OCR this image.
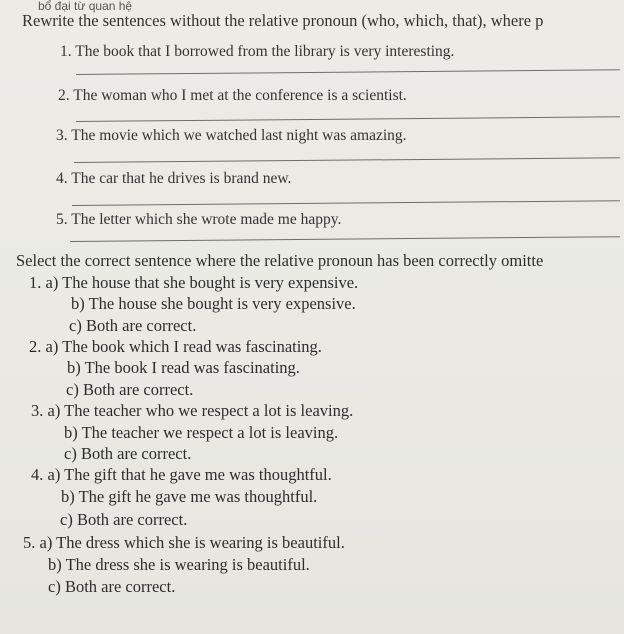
bổ đại từ quan hệ
Rewrite the sentences without the relative pronoun (who, which, that), where p
1. The book that I borrowed from the library is very interesting.
2. The woman who I met at the conference is a scientist.
3. The movie which we watched last night was amazing.
4. The car that he drives is brand new.
5. The letter which she wrote made me happy.
Select the correct sentence where the relative pronoun has been correctly omitte
1. a) The house that she bought is very expensive.
b) The house she bought is very expensive.
c) Both are correct.
2. a) The book which I read was fascinating.
b) The book I read was fascinating.
c) Both are correct.
3. a) The teacher who we respect a lot is leaving.
b) The teacher we respect a lot is leaving.
c) Both are correct.
4. a) The gift that he gave me was thoughtful.
b) The gift he gave me was thoughtful.
c) Both are correct.
5. a) The dress which she is wearing is beautiful.
b) The dress she is wearing is beautiful.
c) Both are correct.
